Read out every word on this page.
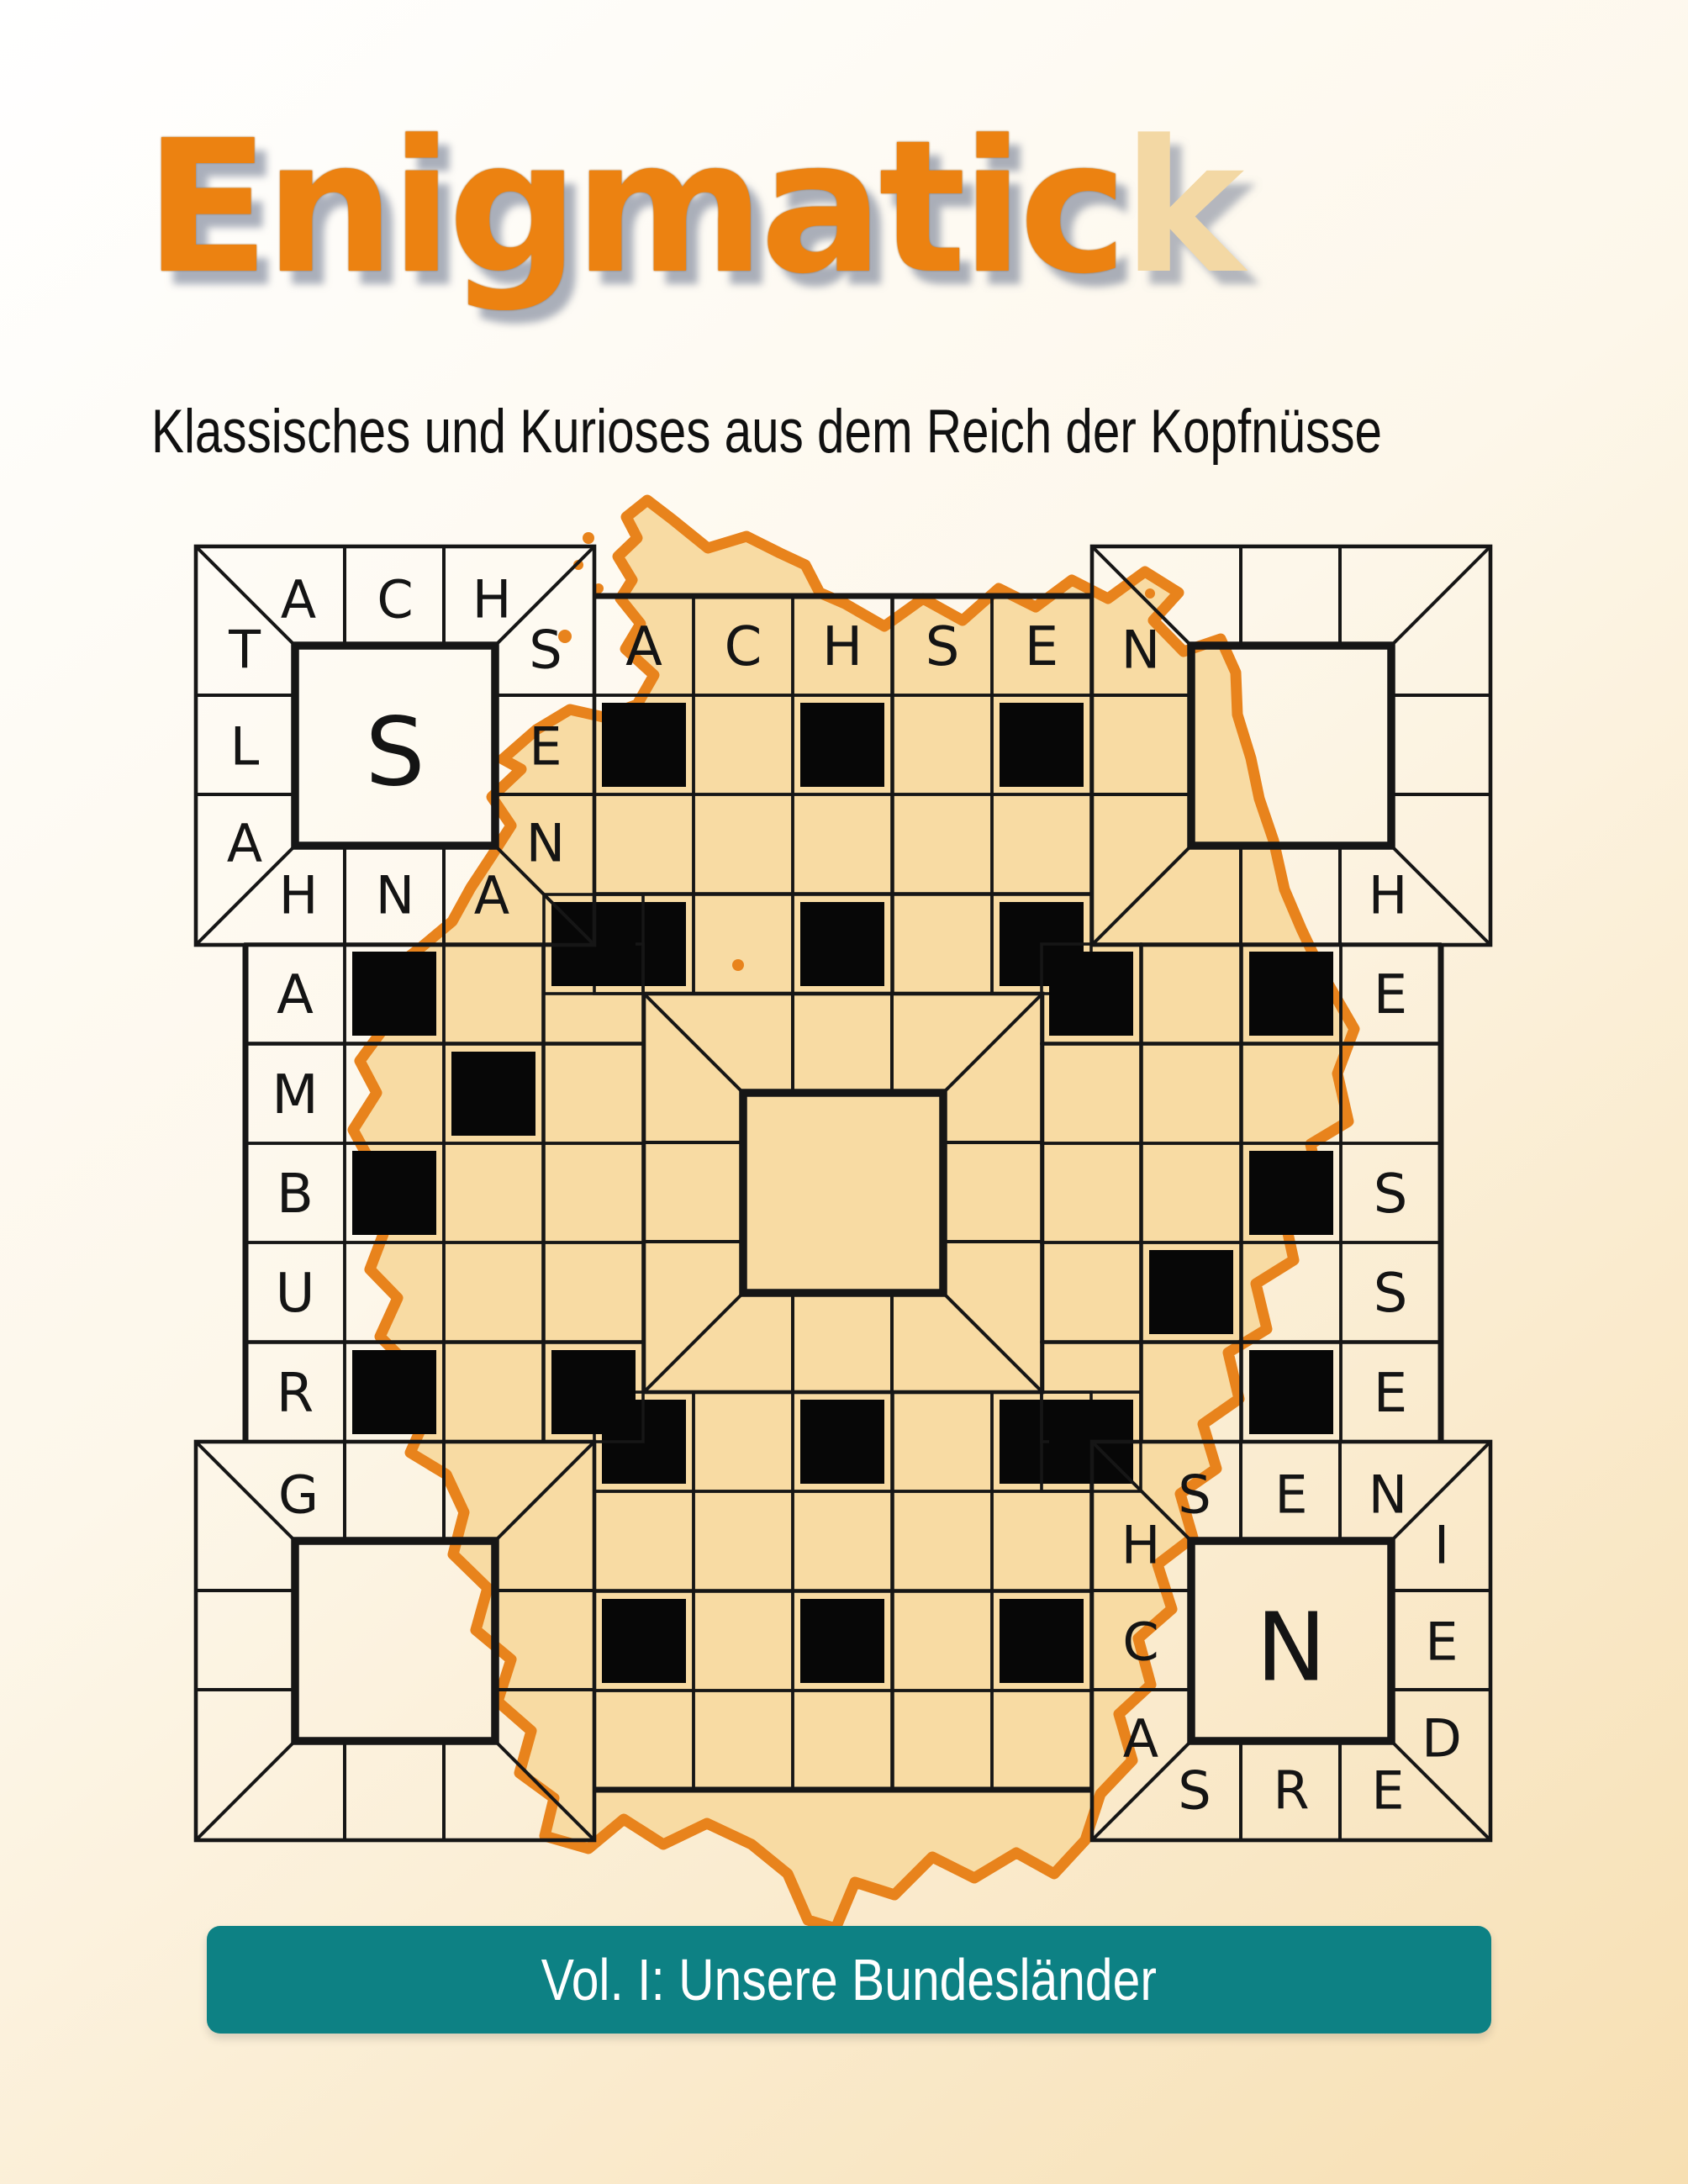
A C H S E
A
M
B
U
R
E
S
S
E
A C H
H N A
T
L
A
S
E
N
S
H
N
G	S E N
S R E
H
C
A
I
E
D
N
Enigmatick
Klassisches und Kurioses aus dem Reich der Kopfnüsse
Vol. I: Unsere Bundesländer
